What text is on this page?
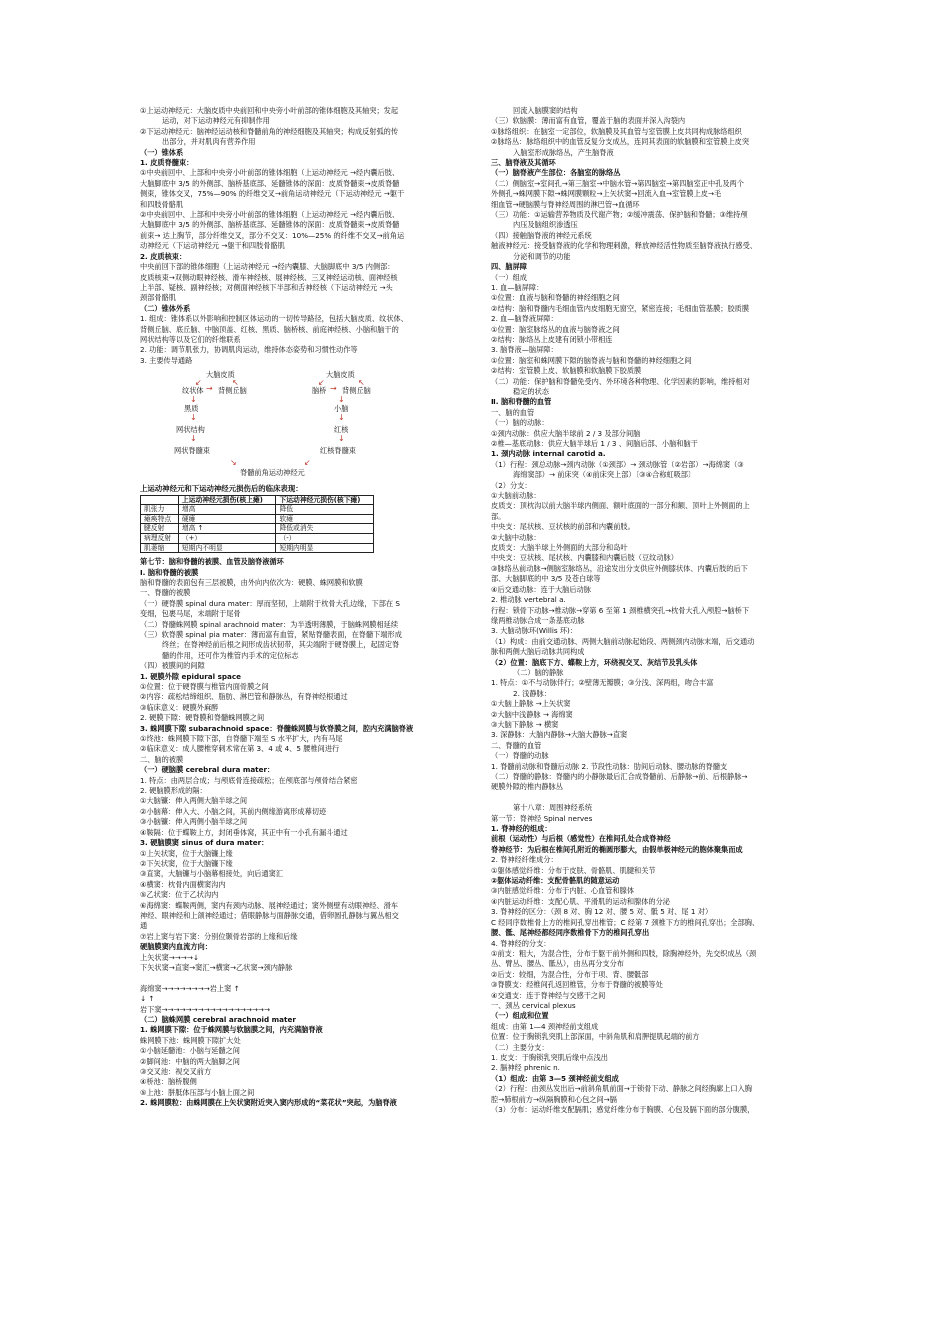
①上运动神经元：大脑皮质中央前回和中央旁小叶前部的锥体细胞及其轴突；发起
运动，对下运动神经元有抑制作用
②下运动神经元：脑神经运动核和脊髓前角的神经细胞及其轴突；构成反射弧的传
出部分，并对肌肉有营养作用
（一）锥体系
1. 皮质脊髓束：
①中央前回中、上部和中央旁小叶前部的锥体细胞（上运动神经元 →经内囊后肢、
大脑脚底中 3/5 的外侧部、脑桥基底部、延髓锥体的深面：皮质脊髓束→皮质脊髓
侧束，锥体交叉，75%—90% 的纤维交叉→前角运动神经元（下运动神经元 →躯干
和四肢骨骼肌
②中央前回中、上部和中央旁小叶前部的锥体细胞（上运动神经元 →经内囊后肢、
大脑脚底中 3/5 的外侧部、脑桥基底部、延髓锥体的深面：皮质脊髓束→皮质脊髓
前束→ 达上胸节，部分纤维交叉，部分不交叉：10%—25% 的纤维不交叉→前角运
动神经元（下运动神经元 →躯干和四肢骨骼肌
2. 皮质核束：
中央前回下部的锥体细胞（上运动神经元 →经内囊膝、大脑脚底中 3/5 内侧部：
皮质核束→双侧动眼神经核、滑车神经核、展神经核、三叉神经运动核、面神经核
上半部、疑核、副神经核；对侧面神经核下半部和舌神经核（下运动神经元 →头
颈部骨骼肌
（二）锥体外系
1. 组成：锥体系以外影响和控制区体运动的一切传导路径，包括大脑皮质、纹状体、
背侧丘脑、底丘脑、中脑顶盖、红核、黑质、脑桥核、前庭神经核、小脑和脑干的
网状结构等以及它们的纤维联系
2. 功能：调节肌张力，协调肌肉运动，维持体态姿势和习惯性动作等
3. 主要传导通路
大脑皮质
↙	↖
纹状体 → 背侧丘脑
↓
黑质
↓
网状结构
↓
网状脊髓束
大脑皮质
↙	↖
脑桥 → 背侧丘脑
↓
小脑
↓
红核
↓
红核脊髓束
↘	↙
脊髓前角运动神经元
上运动神经元和下运动神经元损伤后的临床表现：
	上运动神经元损伤(核上瘫)	下运动神经元损伤(核下瘫)
肌张力	增高	降低
瘫痪特点	硬瘫	软瘫
腱反射	增高 ↑	降低或消失
病理反射	（+）	（-）
肌萎缩	短期内不明显	短期内明显
第七节：脑和脊髓的被膜、血管及脑脊液循环
Ⅰ. 脑和脊髓的被膜
脑和脊髓的表面包有三层被膜，由外向内依次为：硬膜、蛛网膜和软膜
一、脊髓的被膜
（一）硬脊膜 spinal dura mater：厚而坚韧，上端附于枕骨大孔边缘，下部在 S
变细，包裹马尾，末端附于尾骨
（二）脊髓蛛网膜 spinal arachnoid mater：为半透明薄膜，于脑蛛网膜相延续
（三）软脊膜 spinal pia mater：薄而富有血管，紧贴脊髓表面，在脊髓下端形成
终丝；在脊神经前后根之间形成齿状韧带，其尖端附于硬脊膜上，起固定脊
髓的作用，还可作为椎管内手术的定位标志
（四）被膜间的间隙
1. 硬膜外隙 epidural space
①位置：位于硬脊膜与椎管内面骨膜之间
②内容：疏松结缔组织、脂肪、淋巴管和静脉丛，有脊神经根通过
③临床意义：硬膜外麻醉
2. 硬膜下隙：硬脊膜和脊髓蛛网膜之间
3. 蛛网膜下隙 subarachnoid space：脊髓蛛网膜与软脊膜之间，腔内充满脑脊液
①终池：蛛网膜下隙下部，自脊髓下端至 S 水平扩大，内有马尾
②临床意义：成人腰椎穿刺术常在第 3、4 或 4、5 腰椎间进行
二、脑的被膜
（一）硬脑膜 cerebral dura mater：
1. 特点：由两层合成；与颅底骨连接疏松；在颅底部与颅骨结合紧密
2. 硬脑膜形成的隔：
①大脑镰：伸入两侧大脑半球之间
②小脑幕：伸入大、小脑之间，其前内侧缘游离形成幕切迹
③小脑镰：伸入两侧小脑半球之间
④鞍隔：位于蝶鞍上方，封闭垂体窝，其正中有一小孔有漏斗通过
3. 硬脑膜窦 sinus of dura mater：
①上矢状窦，位于大脑镰上缘
②下矢状窦，位于大脑镰下缘
③直窦，大脑镰与小脑幕相接处，向后通窦汇
④横窦：枕骨内面横窦沟内
⑤乙状窦：位于乙状沟内
⑥海绵窦：蝶鞍两侧，窦内有颈内动脉、展神经通过；窦外侧壁有动眼神经、滑车
神经、眼神经和上颌神经通过；借眼静脉与面静脉交通，借卵圆孔静脉与翼丛相交
通
⑦岩上窦与岩下窦：分别位颞骨岩部的上缘和后缘
硬脑膜窦内血流方向：
上矢状窦→→→→↓
下矢状窦→直窦→窦汇→横窦→乙状窦→颈内静脉

海绵窦→→→→→→→→岩上窦 ↑
↓ ↑
岩下窦→→→→→→→→→→→→→→→→→→
（二）脑蛛网膜 cerebral arachnoid mater
1. 蛛网膜下隙：位于蛛网膜与软脑膜之间，内充满脑脊液
蛛网膜下池：蛛网膜下隙扩大处
①小脑延髓池：小脑与延髓之间
②脚间池：中脑的两大脑脚之间
③交叉池：视交叉前方
④桥池：脑桥腹侧
⑤上池：胼胝体压部与小脑上面之间
2. 蛛网膜粒：由蛛网膜在上矢状窦附近突入窦内形成的“菜花状”突起，为脑脊液
回流入脑膜窦的结构
（三）软脑膜：薄而富有血管，覆盖于脑的表面并深入沟裂内
①脉络组织：在脑室一定部位，软脑膜及其血管与室管膜上皮共同构成脉络组织
②脉络丛：脉络组织中的血管反复分支成丛，连同其表面的软脑膜和室管膜上皮突
入脑室形成脉络丛，产生脑脊液
三、脑脊液及其循环
（一）脑脊液产生部位：各脑室的脉络丛
（二）侧脑室→室间孔→第三脑室→中脑水管→第四脑室→第四脑室正中孔及两个
外侧孔→蛛网膜下隙→蛛网膜颗粒→上矢状窦→回流入血→室管膜上皮→毛
细血管→硬脑膜与脊神经周围的淋巴管→血循环
（三）功能：①运输营养物质及代谢产物；②缓冲震荡、保护脑和脊髓；③维持颅
内压及脑组织渗透压
（四）接触脑脊液的神经元系统
触液神经元：接受脑脊液的化学和物理刺激，释放神经活性物质至脑脊液执行感受、
分泌和调节的功能
四、脑屏障
（一）组成
1. 血—脑屏障：
①位置：血液与脑和脊髓的神经细胞之间
②结构：脑和脊髓内毛细血管内皮细胞无窗空，紧密连接；毛细血管基膜；胶质膜
2. 血—脑脊液屏障：
①位置：脑室脉络丛的血液与脑脊液之间
②结构：脉络丛上皮建有闭锁小带相连
3. 脑脊液—脑屏障：
①位置：脑室和蛛网膜下隙的脑脊液与脑和脊髓的神经细胞之间
②结构：室管膜上皮、软脑膜和软脑膜下胶质膜
（二）功能：保护脑和脊髓免受内、外环境各种物理、化学因素的影响，维持相对
稳定的状态
Ⅱ. 脑和脊髓的血管
一、脑的血管
（一）脑的动脉：
①颈内动脉：供应大脑半球前 2 / 3 及部分间脑
②椎—基底动脉：供应大脑半球后 1 / 3 、间脑后部、小脑和脑干
1. 颈内动脉 internal carotid a.
（1）行程：颈总动脉→颈内动脉（①颈部）→ 颈动脉管（②岩部）→海绵窦（③
海绵窦部）→ 前床突（④前床突上部）〔③④合称虹吸部〕
（2）分支：
①大脑前动脉：
皮质支：顶枕沟以前大脑半球内侧面、额叶底面的一部分和额、顶叶上外侧面的上
部。
中央支：尾状核、豆状核的前部和内囊前肢。
②大脑中动脉：
皮质支：大脑半球上外侧面的大部分和岛叶
中央支：豆状核、尾状核、内囊膝和内囊后肢（豆纹动脉）
③脉络丛前动脉→侧脑室脉络丛，沿途发出分支供应外侧膝状体、内囊后肢的后下
部、大脑脚底的中 3/5 及苍白球等
④后交通动脉：连于大脑后动脉
2. 椎动脉 vertebral a.
行程：锁骨下动脉→椎动脉→穿第 6 至第 1 颈椎横突孔→枕骨大孔入颅腔→脑桥下
缘两椎动脉合成一条基底动脉
3. 大脑动脉环(Willis 环)：
（1）构成：由前交通动脉、两侧大脑前动脉起始段、两侧颈内动脉末端，后交通动
脉和两侧大脑后动脉共同构成
（2）位置：脑底下方、蝶鞍上方，环绕视交叉、灰结节及乳头体
（二）脑的静脉
1. 特点：①不与动脉伴行；②壁薄无瓣膜；③分浅、深两组，吻合丰富
2. 浅静脉：
①大脑上静脉 →上矢状窦
②大脑中浅静脉 → 海绵窦
③大脑下静脉 → 横窦
3. 深静脉：大脑内静脉→大脑大静脉→直窦
二、脊髓的血管
（一）脊髓的动脉
1. 脊髓前动脉和脊髓后动脉 2. 节段性动脉：肋间后动脉、腰动脉的脊髓支
（二）脊髓的静脉：脊髓内的小静脉最后汇合成脊髓前、后静脉→前、后根静脉→
硬膜外隙的椎内静脉丛

第十八章：周围神经系统
第一节：脊神经 Spinal nerves
1. 脊神经的组成：
前根（运动性）与后根（感觉性）在椎间孔处合成脊神经
脊神经节：为后根在椎间孔附近的椭圆形膨大，由假单极神经元的胞体聚集而成
2. 脊神经纤维成分：
①躯体感觉纤维：分布于皮肤、骨骼肌、肌腱和关节
②躯体运动纤维：支配骨骼肌的随意运动
③内脏感觉纤维：分布于内脏、心血管和腺体
④内脏运动纤维：支配心肌、平滑肌的运动和腺体的分泌
3. 脊神经的区分：（颈 8 对、胸 12 对、腰 5 对、骶 5 对、尾 1 对）
C 经同序数椎骨上方的椎间孔穿出椎管；C 经第 7 颈椎下方的椎间孔穿出；全部胸、
腰、骶、尾神经都经同序数椎骨下方的椎间孔穿出
4. 脊神经的分支：
①前支：粗大，为混合性，分布于躯干前外侧和四肢，除胸神经外，先交织成丛（颈
丛、臂丛、腰丛、骶丛），由丛再分支分布
②后支：较细，为混合性，分布于项、背、腰骶部
③脊膜支：经椎间孔返回椎管，分布于脊髓的被膜等处
④交通支：连于脊神经与交感干之间
一、颈丛 cervical plexus
（一）组成和位置
组成：由第 1—4 颈神经前支组成
位置：位于胸锁乳突肌上部深面，中斜角肌和肩胛提肌起端的前方
（二）主要分支：
1. 皮支：于胸锁乳突肌后缘中点浅出
2. 膈神经 phrenic n.
（1）组成：由第 3—5 颈神经前支组成
（2）行程：由颈丛发出后→前斜角肌前面→于锁骨下动、静脉之间经胸廓上口入胸
腔→肺根前方→纵隔胸膜和心包之间→膈
（3）分布：运动纤维支配膈肌；感觉纤维分布于胸膜、心包及膈下面的部分腹膜，
